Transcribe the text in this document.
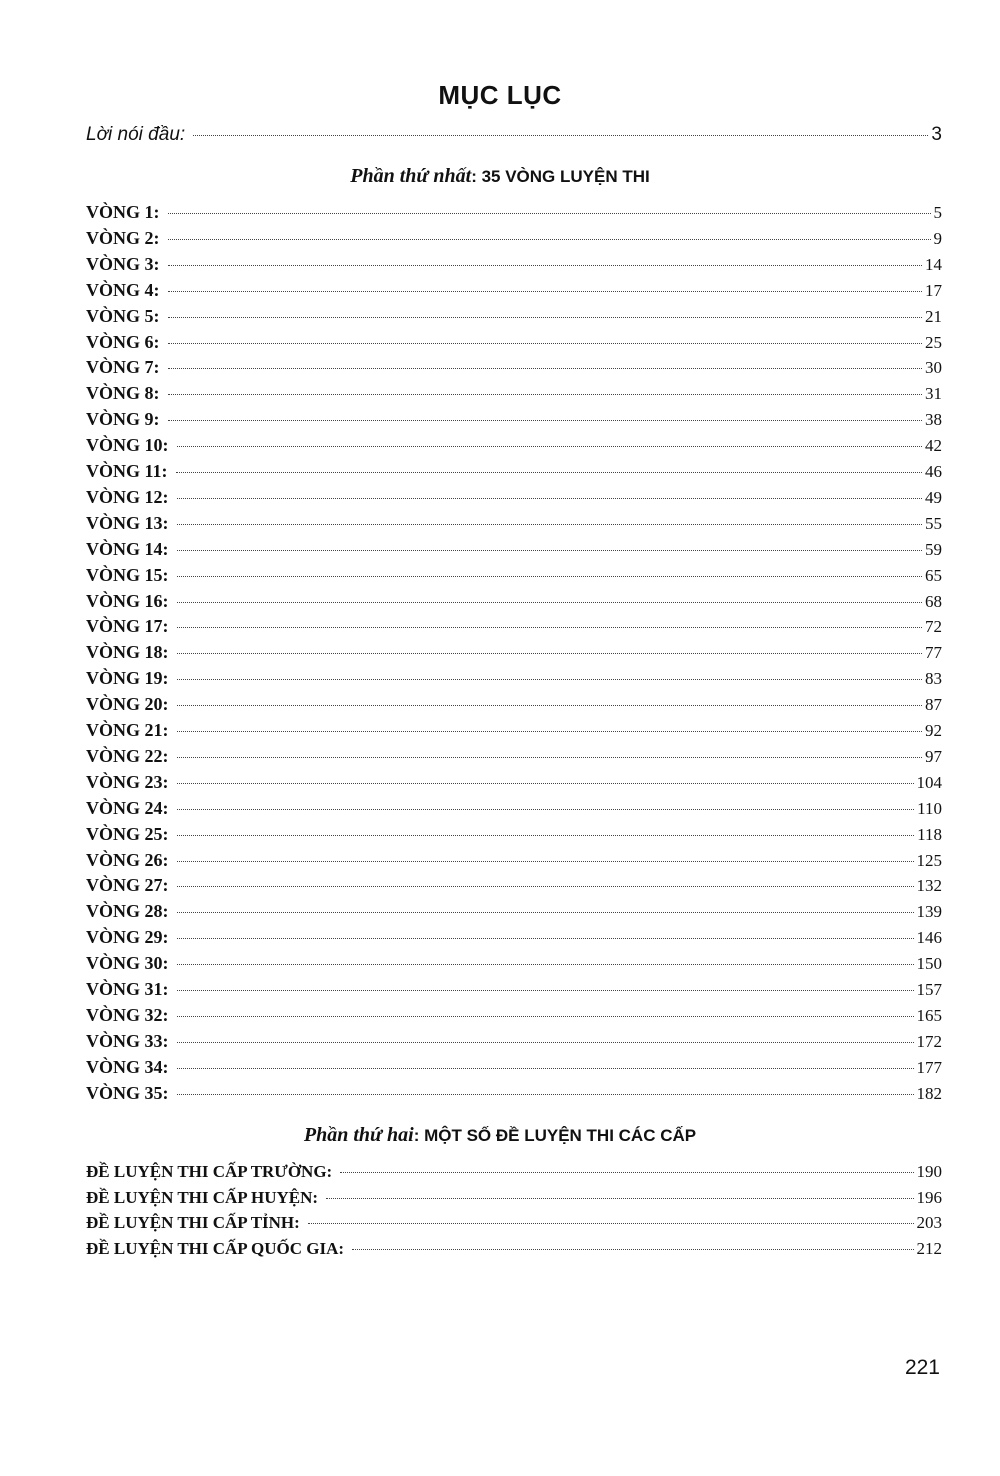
MỤC LỤC
Lời nói đầu:	3
Phần thứ nhất: 35 VÒNG LUYỆN THI
VÒNG 1:	5
VÒNG 2:	9
VÒNG 3:	14
VÒNG 4:	17
VÒNG 5:	21
VÒNG 6:	25
VÒNG 7:	30
VÒNG 8:	31
VÒNG 9:	38
VÒNG 10:	42
VÒNG 11:	46
VÒNG 12:	49
VÒNG 13:	55
VÒNG 14:	59
VÒNG 15:	65
VÒNG 16:	68
VÒNG 17:	72
VÒNG 18:	77
VÒNG 19:	83
VÒNG 20:	87
VÒNG 21:	92
VÒNG 22:	97
VÒNG 23:	104
VÒNG 24:	110
VÒNG 25:	118
VÒNG 26:	125
VÒNG 27:	132
VÒNG 28:	139
VÒNG 29:	146
VÒNG 30:	150
VÒNG 31:	157
VÒNG 32:	165
VÒNG 33:	172
VÒNG 34:	177
VÒNG 35:	182
Phần thứ hai: MỘT SỐ ĐỀ LUYỆN THI CÁC CẤP
ĐỀ LUYỆN THI CẤP TRƯỜNG:	190
ĐỀ LUYỆN THI CẤP HUYỆN:	196
ĐỀ LUYỆN THI CẤP TỈNH:	203
ĐỀ LUYỆN THI CẤP QUỐC GIA:	212
221
